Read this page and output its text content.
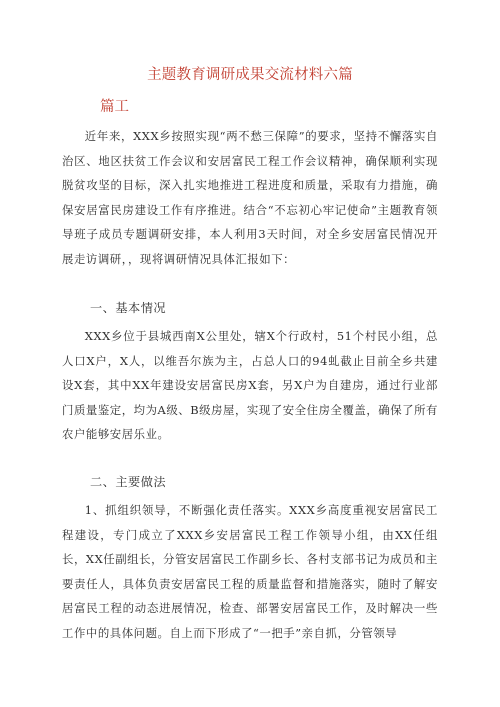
主题教育调研成果交流材料六篇
篇工

近年来，XXX乡按照实现“两不愁三保障”的要求，坚持不懈落实自治区、地区扶贫工作会议和安居富民工程工作会议精神，确保顺利实现脱贫攻坚的目标，深入扎实地推进工程进度和质量，采取有力措施，确保安居富民房建设工作有序推进。结合“不忘初心牢记使命”主题教育领导班子成员专题调研安排，本人利用3天时间，对全乡安居富民情况开展走访调研，，现将调研情况具体汇报如下：

一、基本情况

XXX乡位于县城西南X公里处，辖X个行政村，51个村民小组，总人口X户，X人，以维吾尔族为主，占总人口的94虬截止目前全乡共建设X套，其中XX年建设安居富民房X套，另X户为自建房，通过行业部门质量鉴定，均为A级、B级房屋，实现了安全住房全覆盖，确保了所有农户能够安居乐业。

二、主要做法

1、抓组织领导，不断强化责任落实。XXX乡高度重视安居富民工程建设，专门成立了XXX乡安居富民工程工作领导小组，由XX任组长，XX任副组长，分管安居富民工作副乡长、各村支部书记为成员和主要责任人，具体负责安居富民工程的质量监督和措施落实，随时了解安居富民工程的动态进展情况，检查、部署安居富民工作，及时解决一些工作中的具体问题。自上而下形成了“一把手”亲自抓，分管领导
